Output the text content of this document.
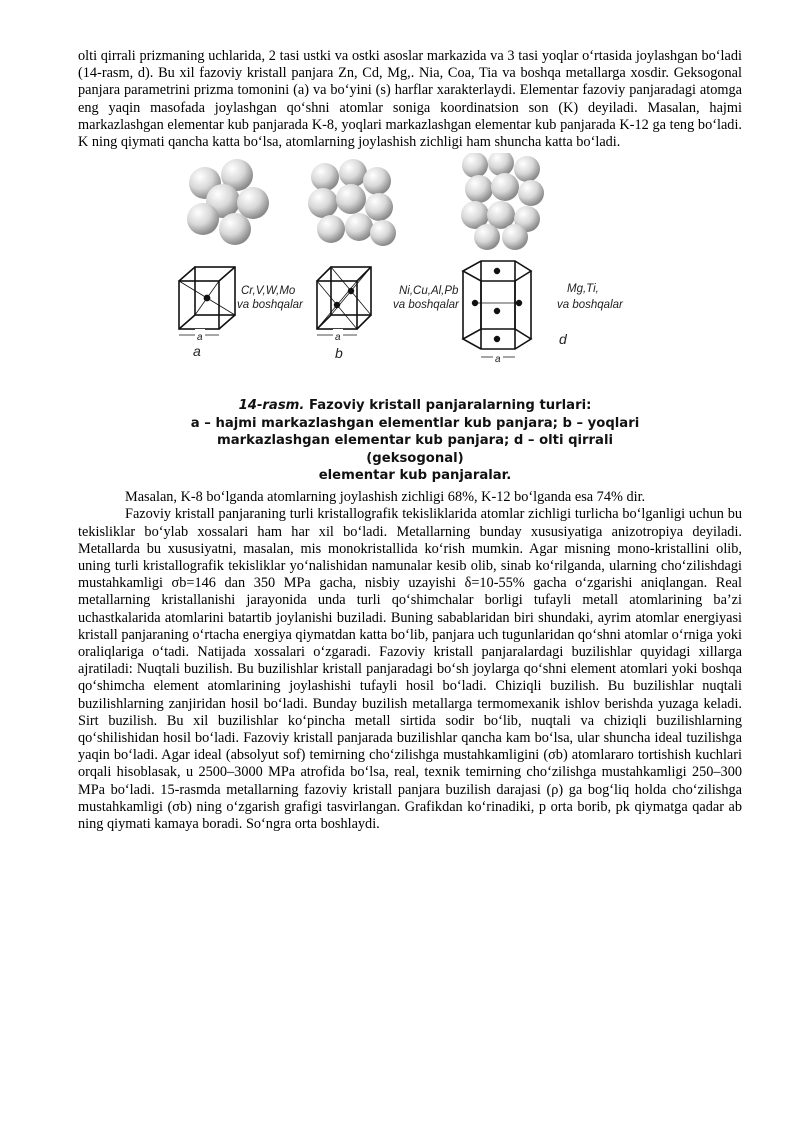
olti qirrali prizmaning uchlarida, 2 tasi ustki va ostki asoslar markazida va 3 tasi yoqlar o‘rtasida joylashgan bo‘ladi (14-rasm, d). Bu xil fazoviy kristall panjara Zn, Cd, Mg,. Nia, Coa, Tia va boshqa metallarga xosdir. Geksogonal panjara parametrini prizma tomonini (a) va bo‘yini (s) harflar xarakterlaydi. Elementar fazoviy panjaradagi atomga eng yaqin masofada joylashgan qo‘shni atomlar soniga koordinatsion son (K) deyiladi. Masalan, hajmi markazlashgan elementar kub panjarada K-8, yoqlari markazlashgan elementar kub panjarada K-12 ga teng bo‘ladi. K ning qiymati qancha katta bo‘lsa, atomlarning joylashish zichligi ham shuncha katta bo‘ladi.

a	a
a
Cr,V,W,Mo
va boshqalar
Ni,Cu,Al,Pb
va boshqalar
Mg,Ti,
va boshqalar
a	b
d
14-rasm. Fazoviy kristall panjaralarning turlari:
a – hajmi markazlashgan elementlar kub panjara; b – yoqlari
markazlashgan elementar kub panjara; d – olti qirrali (geksogonal)
elementar kub panjaralar.

Masalan, K-8 bo‘lganda atomlarning joylashish zichligi 68%, K-12 bo‘lganda esa 74% dir.

Fazoviy kristall panjaraning turli kristallografik tekisliklarida atomlar zichligi turlicha bo‘lganligi uchun bu tekisliklar bo‘ylab xossalari ham har xil bo‘ladi. Metallarning bunday xususiyatiga anizotropiya deyiladi. Metallarda bu xususiyatni, masalan, mis monokristallida ko‘rish mumkin. Agar misning mono-kristallini olib, uning turli kristallografik tekisliklar yo‘nalishidan namunalar kesib olib, sinab ko‘rilganda, ularning cho‘zilishdagi mustahkamligi σb=146 dan 350 MPa gacha, nisbiy uzayishi δ=10-55% gacha o‘zgarishi aniqlangan. Real metallarning kristallanishi jarayonida unda turli qo‘shimchalar borligi tufayli metall atomlarining ba’zi uchastkalarida atomlarini batartib joylanishi buziladi. Buning sabablaridan biri shundaki, ayrim atomlar energiyasi kristall panjaraning o‘rtacha energiya qiymatdan katta bo‘lib, panjara uch tugunlaridan qo‘shni atomlar o‘rniga yoki oraliqlariga o‘tadi. Natijada xossalari o‘zgaradi. Fazoviy kristall panjaralardagi buzilishlar quyidagi xillarga ajratiladi: Nuqtali buzilish. Bu buzilishlar kristall panjaradagi bo‘sh joylarga qo‘shni element atomlari yoki boshqa qo‘shimcha element atomlarining joylashishi tufayli hosil bo‘ladi. Chiziqli buzilish. Bu buzilishlar nuqtali buzilishlarning zanjiridan hosil bo‘ladi. Bunday buzilish metallarga termomexanik ishlov berishda yuzaga keladi. Sirt buzilish. Bu xil buzilishlar ko‘pincha metall sirtida sodir bo‘lib, nuqtali va chiziqli buzilishlarning qo‘shilishidan hosil bo‘ladi. Fazoviy kristall panjarada buzilishlar qancha kam bo‘lsa, ular shuncha ideal tuzilishga yaqin bo‘ladi. Agar ideal (absolyut sof) temirning cho‘zilishga mustahkamligini (σb) atomlararo tortishish kuchlari orqali hisoblasak, u 2500–3000 MPa atrofida bo‘lsa, real, texnik temirning cho‘zilishga mustahkamligi 250–300 MPa bo‘ladi. 15-rasmda metallarning fazoviy kristall panjara buzilish darajasi (ρ) ga bog‘liq holda cho‘zilishga mustahkamligi (σb) ning o‘zgarish grafigi tasvirlangan. Grafikdan ko‘rinadiki, p orta borib, pk qiymatga qadar ab ning qiymati kamaya boradi. So‘ngra orta boshlaydi.
